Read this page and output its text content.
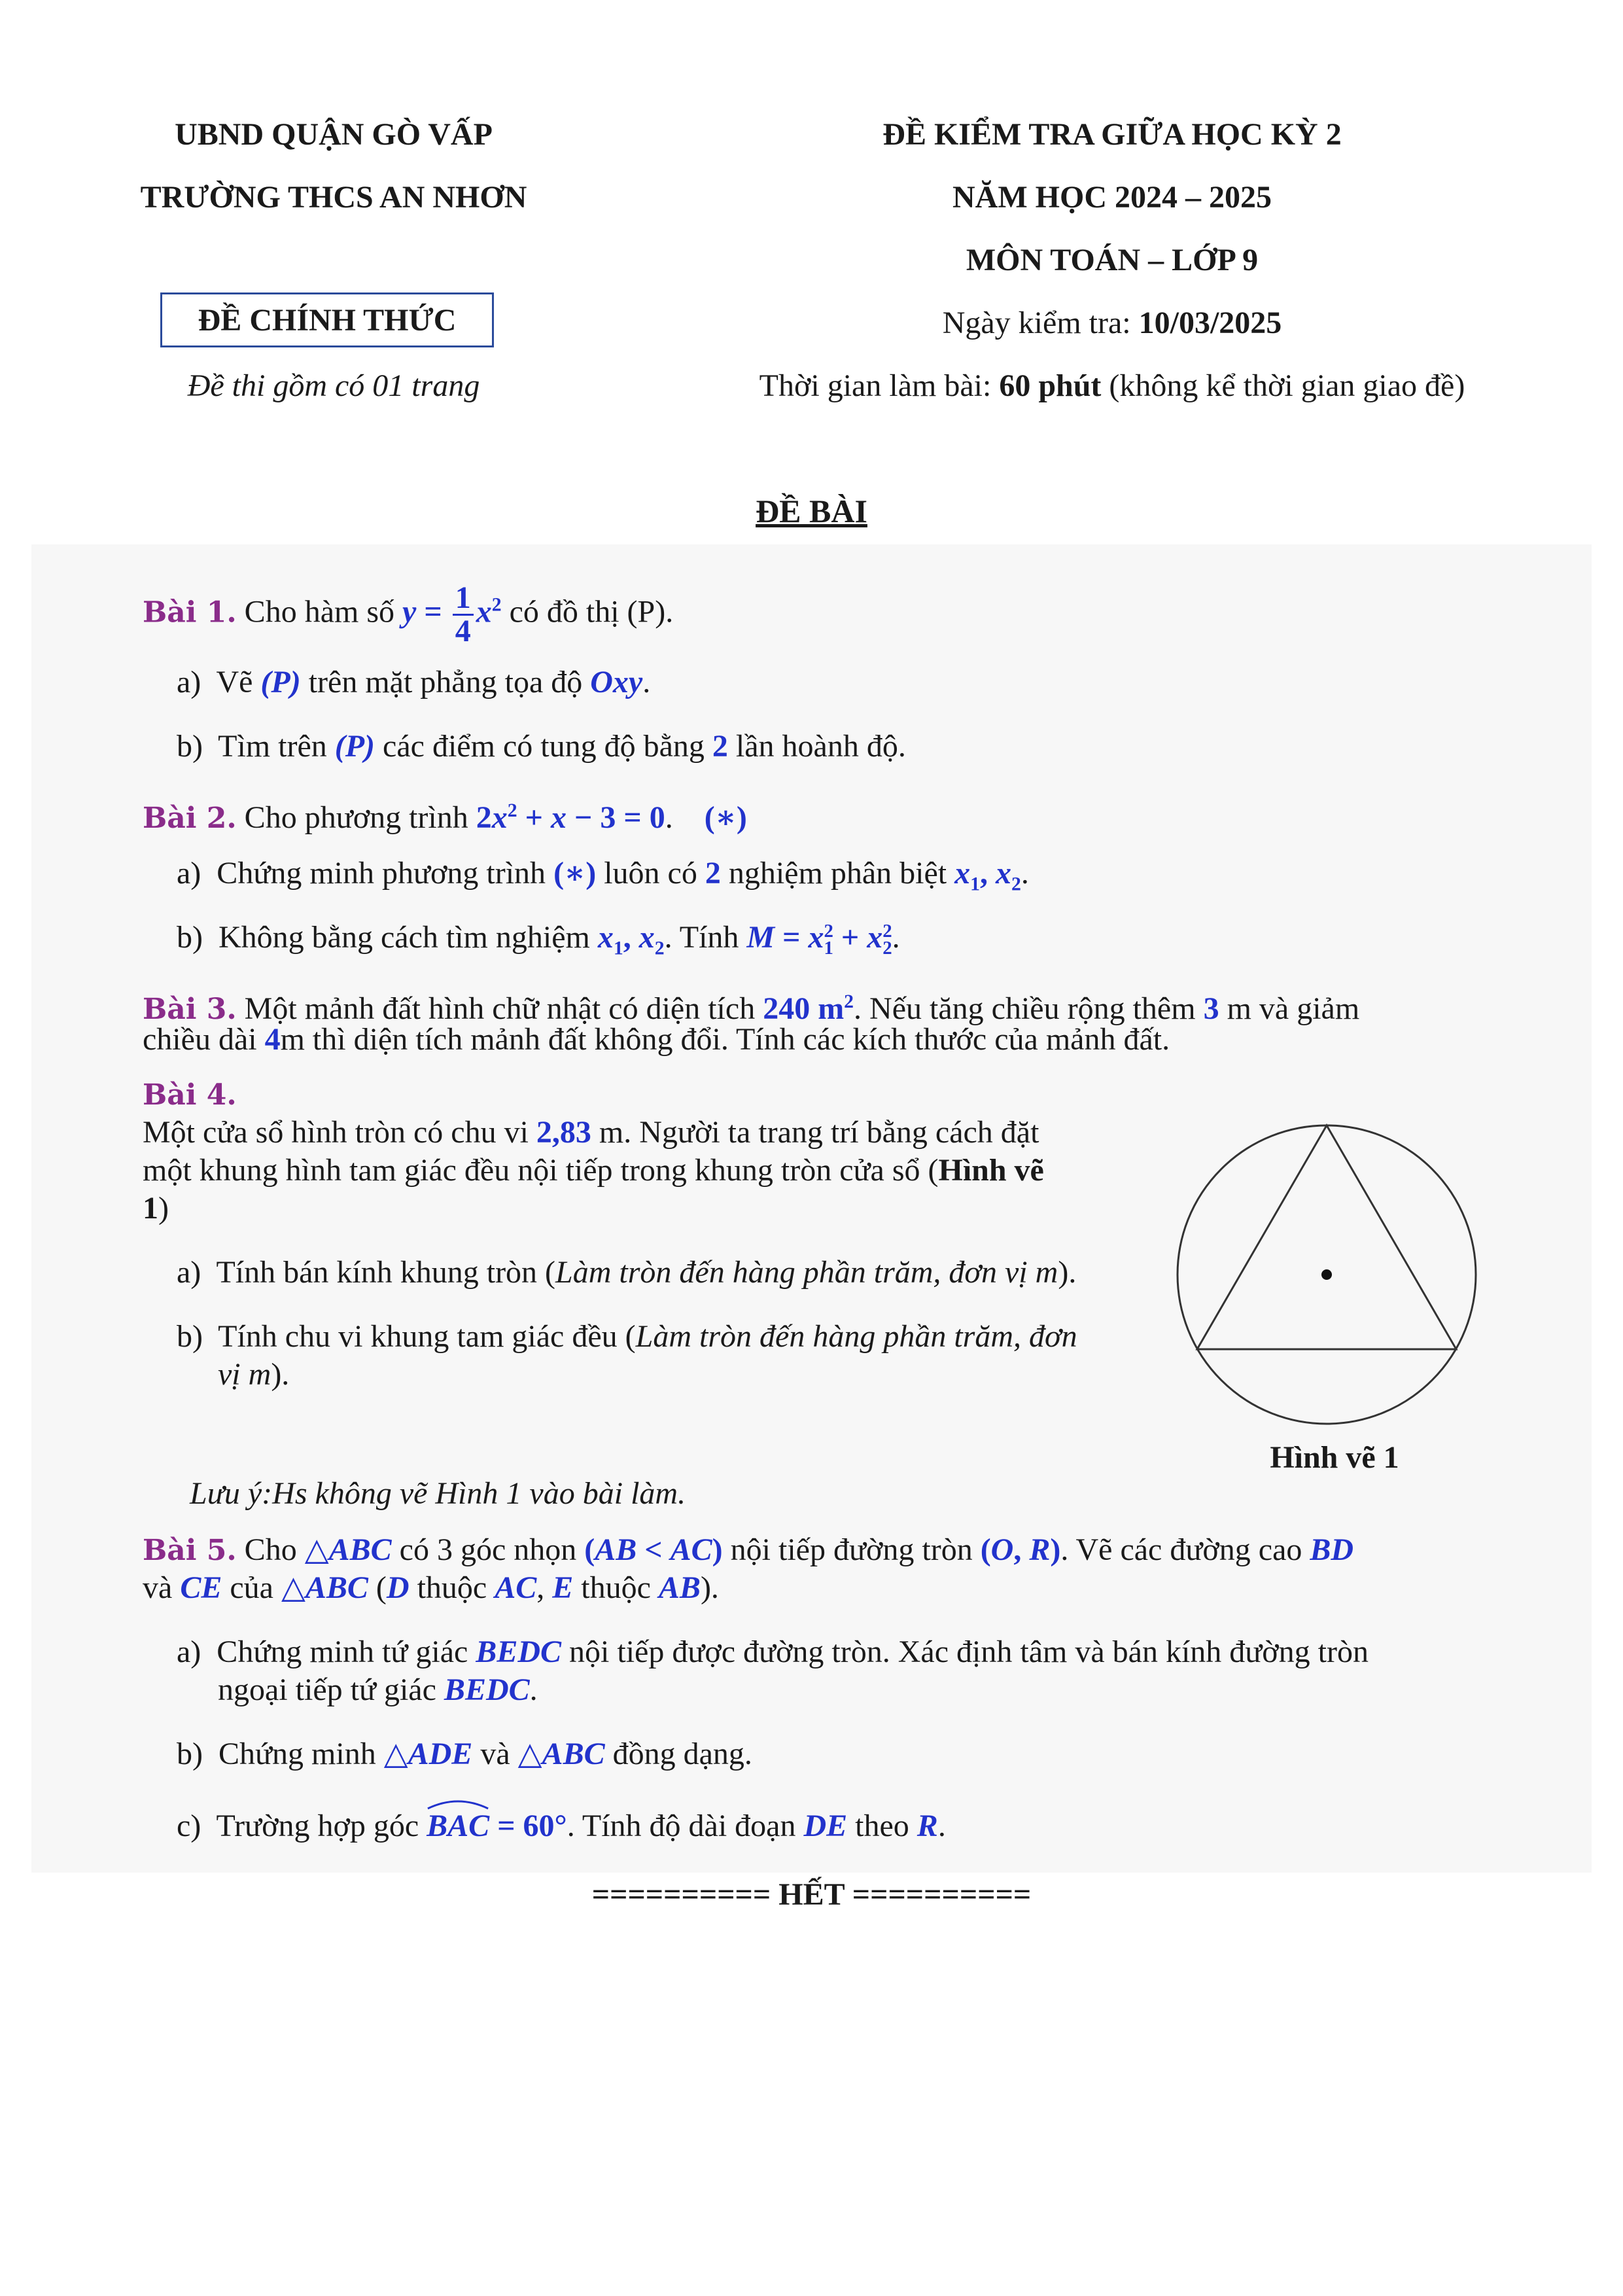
UBND QUẬN GÒ VẤP
TRƯỜNG THCS AN NHƠN
ĐỀ CHÍNH THỨC
Đề thi gồm có 01 trang
ĐỀ KIỂM TRA GIỮA HỌC KỲ 2
NĂM HỌC 2024 – 2025
MÔN TOÁN – LỚP 9
Ngày kiểm tra: 10/03/2025
Thời gian làm bài: 60 phút (không kể thời gian giao đề)
ĐỀ BÀI
Bài 1. Cho hàm số $y = \frac{1}{4} x^2$ có đồ thị (P).
a) Vẽ (P) trên mặt phẳng tọa độ Oxy.
b) Tìm trên (P) các điểm có tung độ bằng 2 lần hoành độ.
Bài 2. Cho phương trình $2x^2 + x - 3 = 0$.    (∗)
a) Chứng minh phương trình (∗) luôn có 2 nghiệm phân biệt $x_1$, $x_2$.
b) Không bằng cách tìm nghiệm $x_1$, $x_2$. Tính M = x 2
1 + x 2
2 .
Bài 3. Một mảnh đất hình chữ nhật có diện tích 240 $m^2$. Nếu tăng chiều rộng thêm 3 m và giảm
chiều dài 4m thì diện tích mảnh đất không đổi. Tính các kích thước của mảnh đất.
Bài 4.
Một cửa sổ hình tròn có chu vi 2,83 m. Người ta trang trí bằng cách đặt
một khung hình tam giác đều nội tiếp trong khung tròn cửa sổ (Hình vẽ
1)
a) Tính bán kính khung tròn (Làm tròn đến hàng phần trăm, đơn vị m).
b) Tính chu vi khung tam giác đều (Làm tròn đến hàng phần trăm, đơn
vị m).
Lưu ý:Hs không vẽ Hình 1 vào bài làm.
Bài 5. Cho △ABC có 3 góc nhọn (AB < AC) nội tiếp đường tròn (O, R). Vẽ các đường cao BD
và CE của △ABC (D thuộc AC, E thuộc AB).
a) Chứng minh tứ giác BEDC nội tiếp được đường tròn. Xác định tâm và bán kính đường tròn
ngoại tiếp tứ giác BEDC.
b) Chứng minh △ADE và △ABC đồng dạng.
c) Trường hợp góc
BAC = 60°. Tính độ dài đoạn DE theo R.
Hình vẽ 1
========== HẾT ==========
